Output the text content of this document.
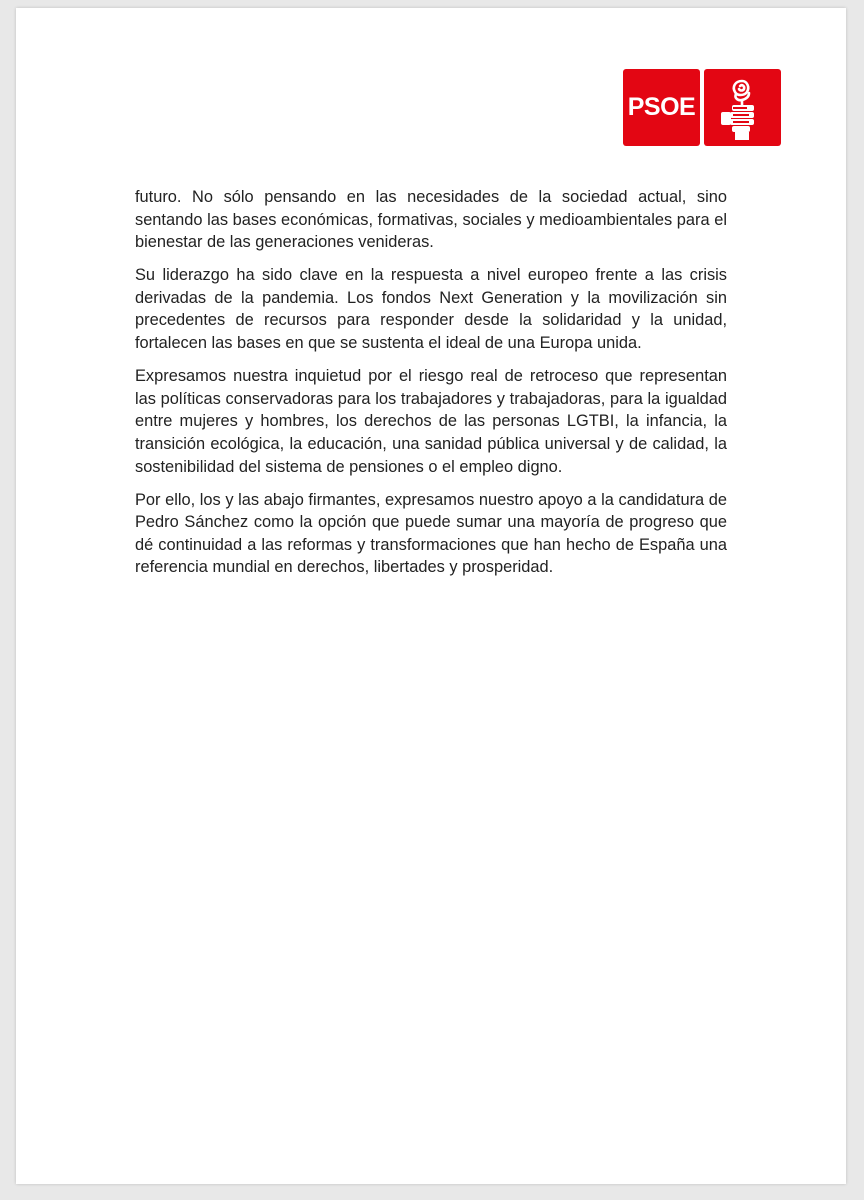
PSOE

futuro. No sólo pensando en las necesidades de la sociedad actual, sino sentando las bases económicas, formativas, sociales y medioambientales para el bienestar de las generaciones venideras.

Su liderazgo ha sido clave en la respuesta a nivel europeo frente a las crisis derivadas de la pandemia. Los fondos Next Generation y la movilización sin precedentes de recursos para responder desde la solidaridad y la unidad, fortalecen las bases en que se sustenta el ideal de una Europa unida.

Expresamos nuestra inquietud por el riesgo real de retroceso que representan las políticas conservadoras para los trabajadores y trabajadoras, para la igualdad entre mujeres y hombres, los derechos de las personas LGTBI, la infancia, la transición ecológica, la educación, una sanidad pública universal y de calidad, la sostenibilidad del sistema de pensiones o el empleo digno.

Por ello, los y las abajo firmantes, expresamos nuestro apoyo a la candidatura de Pedro Sánchez como la opción que puede sumar una mayoría de progreso que dé continuidad a las reformas y transformaciones que han hecho de España una referencia mundial en derechos, libertades y prosperidad.
